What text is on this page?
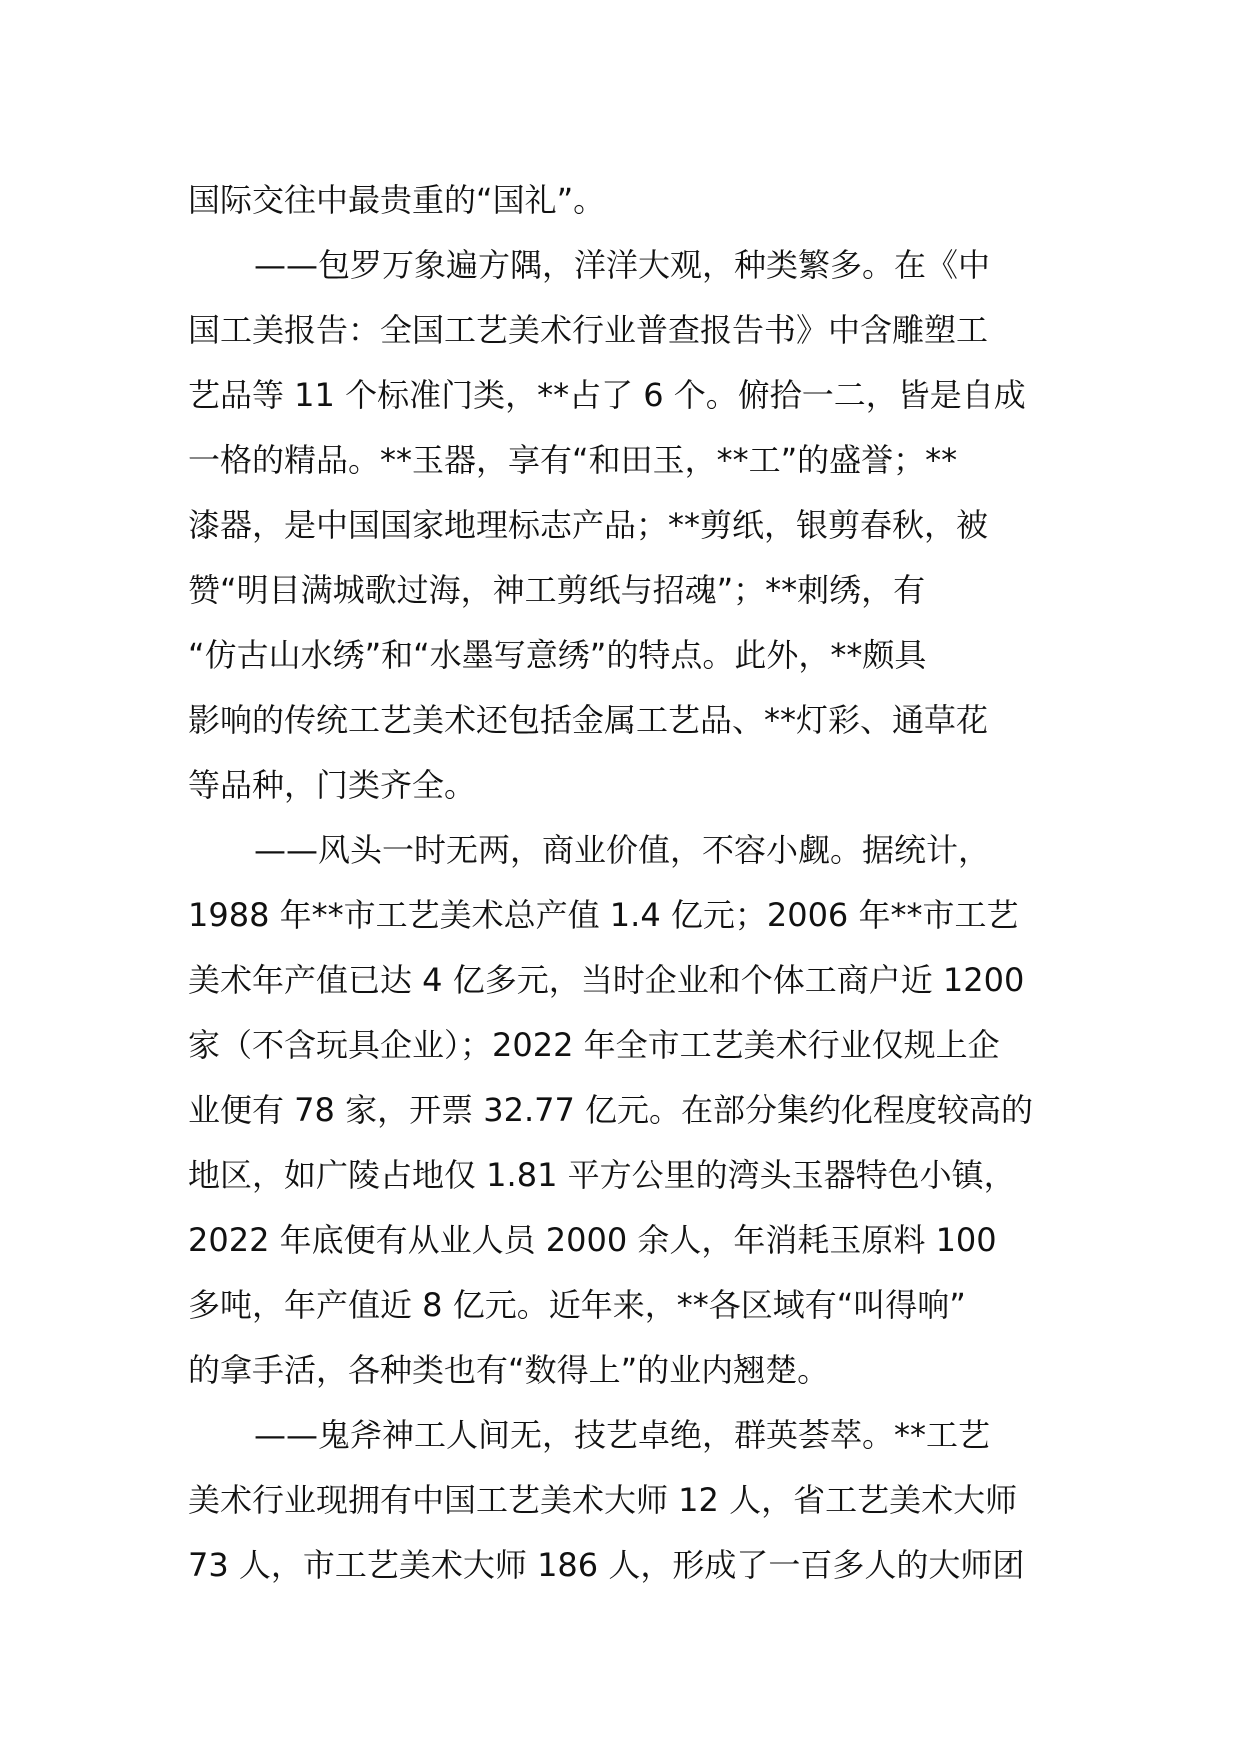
国际交往中最贵重的“国礼”。
——包罗万象遍方隅，洋洋大观，种类繁多。在《中
国工美报告：全国工艺美术行业普查报告书》中含雕塑工
艺品等 11 个标准门类，**占了 6 个。俯拾一二，皆是自成
一格的精品。**玉器，享有“和田玉，**工”的盛誉；**
漆器，是中国国家地理标志产品；**剪纸，银剪春秋，被
赞“明目满城歌过海，神工剪纸与招魂”；**刺绣，有
“仿古山水绣”和“水墨写意绣”的特点。此外，**颇具
影响的传统工艺美术还包括金属工艺品、**灯彩、通草花
等品种，门类齐全。
——风头一时无两，商业价值，不容小觑。据统计，
1988 年**市工艺美术总产值 1.4 亿元；2006 年**市工艺
美术年产值已达 4 亿多元，当时企业和个体工商户近 1200
家（不含玩具企业）；2022 年全市工艺美术行业仅规上企
业便有 78 家，开票 32.77 亿元。在部分集约化程度较高的
地区，如广陵占地仅 1.81 平方公里的湾头玉器特色小镇，
2022 年底便有从业人员 2000 余人，年消耗玉原料 100
多吨，年产值近 8 亿元。近年来，**各区域有“叫得响”
的拿手活，各种类也有“数得上”的业内翘楚。
——鬼斧神工人间无，技艺卓绝，群英荟萃。**工艺
美术行业现拥有中国工艺美术大师 12 人，省工艺美术大师
73 人，市工艺美术大师 186 人，形成了一百多人的大师团
